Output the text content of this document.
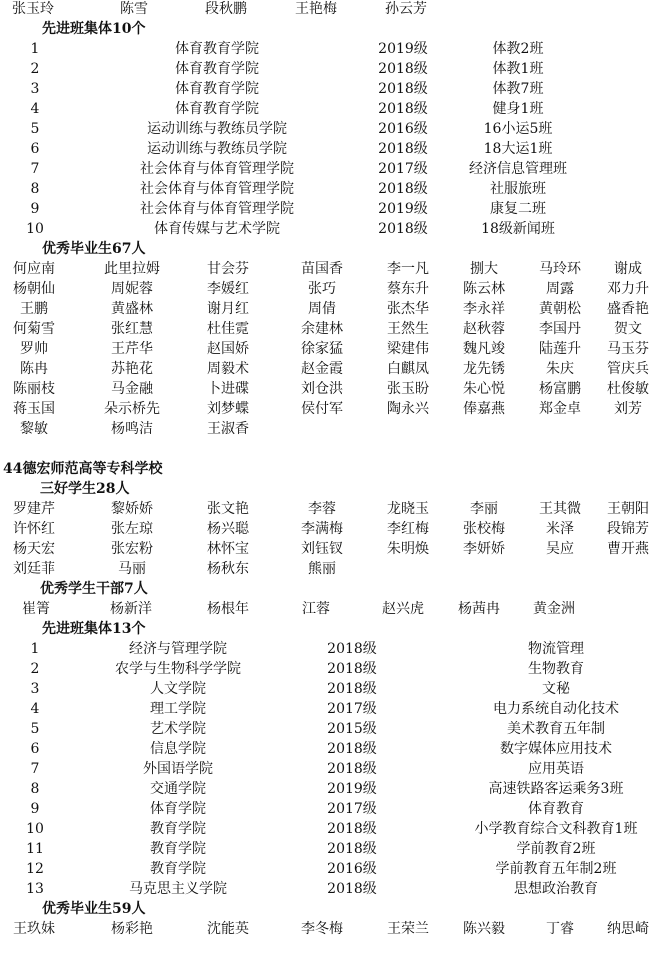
张玉玲	陈雪	段秋鹏	王艳梅	孙云芳
先进班集体10个
1	体育教育学院	2019级	体教2班
2	体育教育学院	2018级	体教1班
3	体育教育学院	2018级	体教7班
4	体育教育学院	2018级	健身1班
5	运动训练与教练员学院	2016级	16小运5班
6	运动训练与教练员学院	2018级	18大运1班
7	社会体育与体育管理学院	2017级	经济信息管理班
8	社会体育与体育管理学院	2018级	社服旅班
9	社会体育与体育管理学院	2019级	康复二班
10	体育传媒与艺术学院	2018级	18级新闻班
优秀毕业生67人
何应南	此里拉姆	甘会芬	苗国香	李一凡	捌大	马玲环 谢成
杨朝仙	周妮蓉	李媛红	张巧	蔡东升 陈云林	周露 邓力升
王鹏	黄盛林	谢月红	周倩	张杰华 李永祥 黄朝松 盛香艳
何菊雪	张红慧	杜佳霓	余建林	王然生 赵秋蓉 李国丹 贺文
罗帅	王芹华	赵国娇	徐家猛	梁建伟 魏凡竣 陆莲升 马玉芬
陈冉	苏艳花	周毅术	赵金霞	白麒凤 龙先锈	朱庆 管庆兵
陈丽枝	马金融	卜进碟	刘仓洪	张玉盼 朱心悦 杨富鹏 杜俊敏
蒋玉国	朵示桥先	刘梦蝶	侯付军	陶永兴 俸嘉燕 郑金卓 刘芳
黎敏	杨鸣洁	王淑香
44德宏师范高等专科学校
三好学生28人
罗建芹	黎娇娇	张文艳	李蓉	龙晓玉	李丽	王其微 王朝阳
许怀红	张左琼	杨兴聪	李满梅	李红梅 张校梅	米泽 段锦芳
杨天宏	张宏粉	林怀宝	刘钰钗	朱明焕 李妍娇	吴应 曹开燕
刘廷菲	马丽	杨秋东	熊丽
优秀学生干部7人
崔箐	杨新洋	杨根年	江蓉	赵兴虎 杨茜冉 黄金洲
先进班集体13个
1	经济与管理学院	2018级	物流管理
2	农学与生物科学学院	2018级	生物教育
3	人文学院	2018级	文秘
4	理工学院	2017级	电力系统自动化技术
5	艺术学院	2015级	美术教育五年制
6	信息学院	2018级	数字媒体应用技术
7	外国语学院	2018级	应用英语
8	交通学院	2019级	高速铁路客运乘务3班
9	体育学院	2017级	体育教育
10	教育学院	2018级	小学教育综合文科教育1班
11	教育学院	2018级	学前教育2班
12	教育学院	2016级	学前教育五年制2班
13	马克思主义学院	2018级	思想政治教育
优秀毕业生59人
王玖妹	杨彩艳	沈能英	李冬梅	王荣兰 陈兴毅	丁睿 纳思崎
